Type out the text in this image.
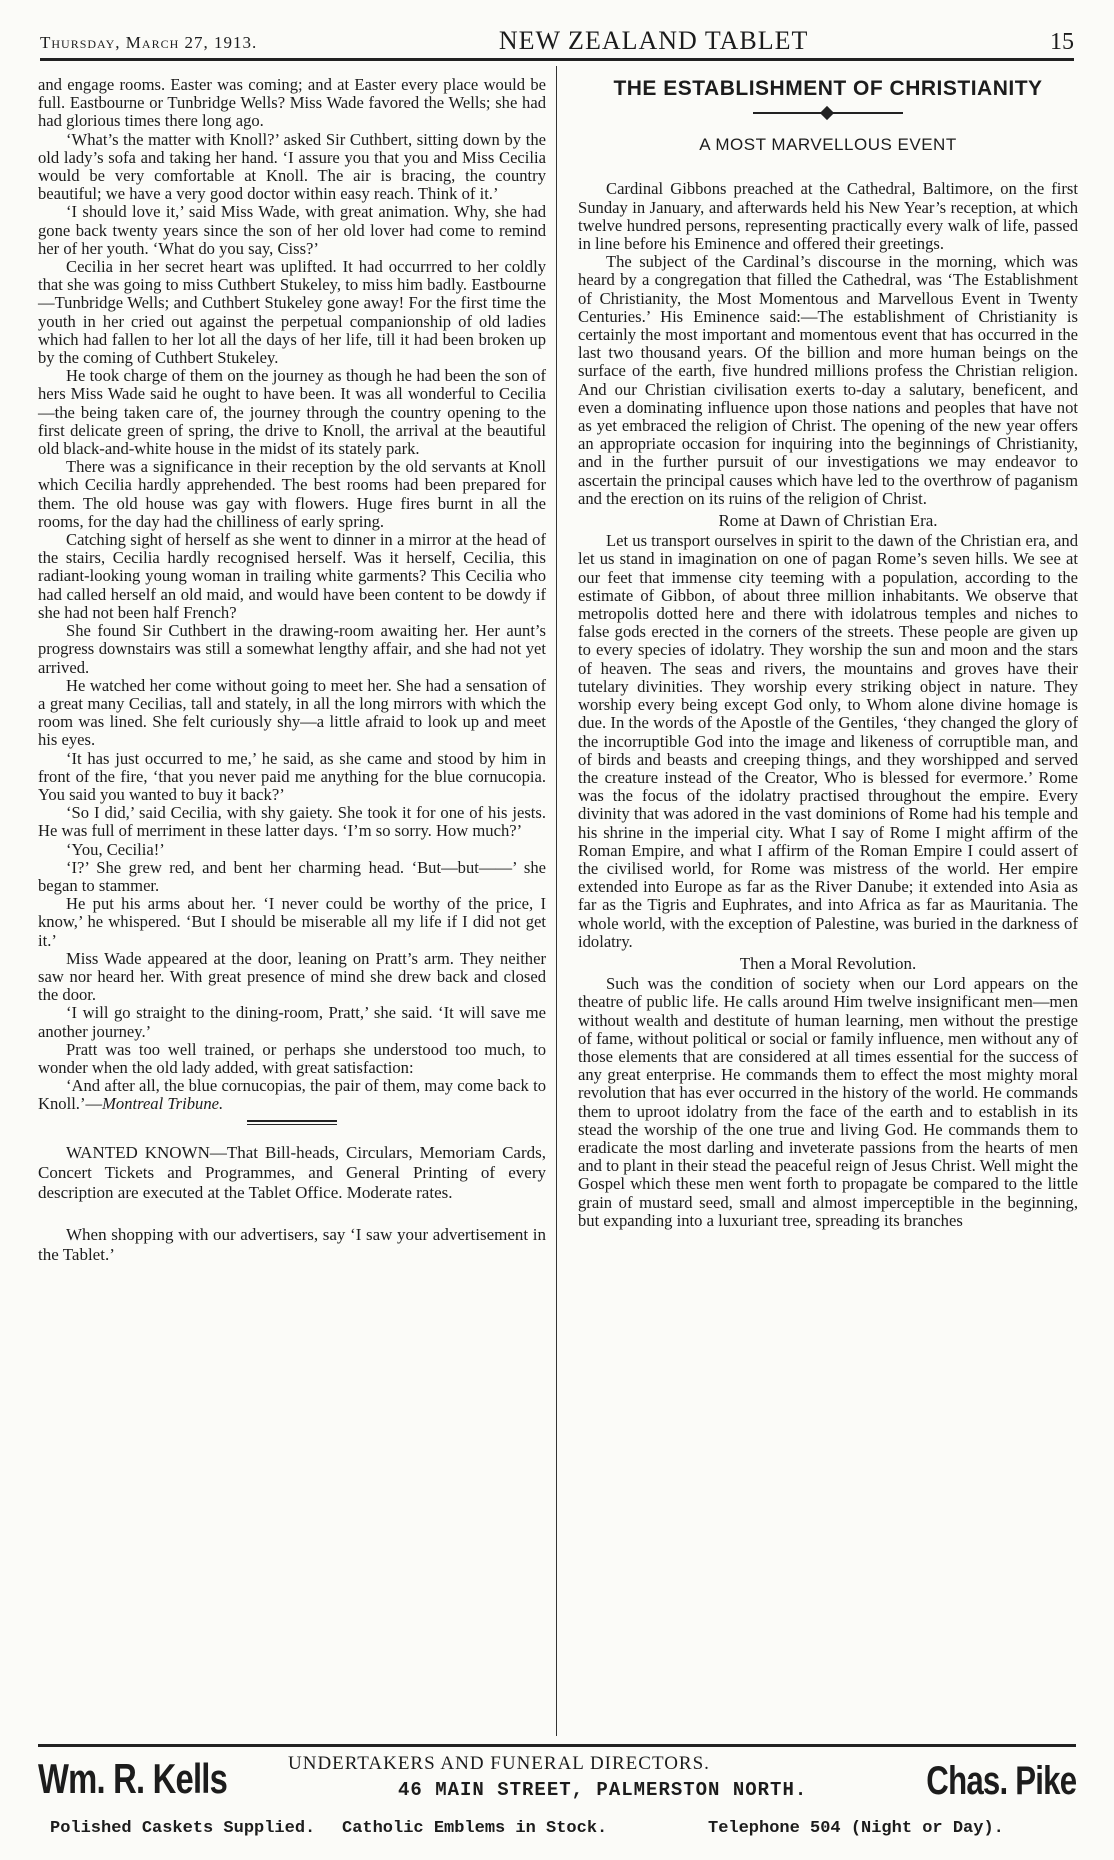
Thursday, March 27, 1913.	NEW ZEALAND TABLET	15

and engage rooms. Easter was coming; and at Easter every place would be full. Eastbourne or Tunbridge Wells? Miss Wade favored the Wells; she had had glorious times there long ago.

‘What’s the matter with Knoll?’ asked Sir Cuthbert, sitting down by the old lady’s sofa and taking her hand. ‘I assure you that you and Miss Cecilia would be very comfortable at Knoll. The air is bracing, the country beautiful; we have a very good doctor within easy reach. Think of it.’

‘I should love it,’ said Miss Wade, with great animation. Why, she had gone back twenty years since the son of her old lover had come to remind her of her youth. ‘What do you say, Ciss?’

Cecilia in her secret heart was uplifted. It had occurrred to her coldly that she was going to miss Cuthbert Stukeley, to miss him badly. Eastbourne—Tunbridge Wells; and Cuthbert Stukeley gone away! For the first time the youth in her cried out against the perpetual companionship of old ladies which had fallen to her lot all the days of her life, till it had been broken up by the coming of Cuthbert Stukeley.

He took charge of them on the journey as though he had been the son of hers Miss Wade said he ought to have been. It was all wonderful to Cecilia—the being taken care of, the journey through the country opening to the first delicate green of spring, the drive to Knoll, the arrival at the beautiful old black-and-white house in the midst of its stately park.

There was a significance in their reception by the old servants at Knoll which Cecilia hardly apprehended. The best rooms had been prepared for them. The old house was gay with flowers. Huge fires burnt in all the rooms, for the day had the chilliness of early spring.

Catching sight of herself as she went to dinner in a mirror at the head of the stairs, Cecilia hardly recognised herself. Was it herself, Cecilia, this radiant-looking young woman in trailing white garments? This Cecilia who had called herself an old maid, and would have been content to be dowdy if she had not been half French?

She found Sir Cuthbert in the drawing-room awaiting her. Her aunt’s progress downstairs was still a somewhat lengthy affair, and she had not yet arrived.

He watched her come without going to meet her. She had a sensation of a great many Cecilias, tall and stately, in all the long mirrors with which the room was lined. She felt curiously shy—a little afraid to look up and meet his eyes.

‘It has just occurred to me,’ he said, as she came and stood by him in front of the fire, ‘that you never paid me anything for the blue cornucopia. You said you wanted to buy it back?’

‘So I did,’ said Cecilia, with shy gaiety. She took it for one of his jests. He was full of merriment in these latter days. ‘I’m so sorry. How much?’

‘You, Cecilia!’

‘I?’ She grew red, and bent her charming head. ‘But—but——’ she began to stammer.

He put his arms about her. ‘I never could be worthy of the price, I know,’ he whispered. ‘But I should be miserable all my life if I did not get it.’

Miss Wade appeared at the door, leaning on Pratt’s arm. They neither saw nor heard her. With great presence of mind she drew back and closed the door.

‘I will go straight to the dining-room, Pratt,’ she said. ‘It will save me another journey.’

Pratt was too well trained, or perhaps she understood too much, to wonder when the old lady added, with great satisfaction:

‘And after all, the blue cornucopias, the pair of them, may come back to Knoll.’—Montreal Tribune.

WANTED KNOWN—That Bill-heads, Circulars, Memoriam Cards, Concert Tickets and Programmes, and General Printing of every description are executed at the Tablet Office. Moderate rates.

When shopping with our advertisers, say ‘I saw your advertisement in the Tablet.’

THE ESTABLISHMENT OF CHRISTIANITY
A MOST MARVELLOUS EVENT

Cardinal Gibbons preached at the Cathedral, Baltimore, on the first Sunday in January, and afterwards held his New Year’s reception, at which twelve hundred persons, representing practically every walk of life, passed in line before his Eminence and offered their greetings.

The subject of the Cardinal’s discourse in the morning, which was heard by a congregation that filled the Cathedral, was ‘The Establishment of Christianity, the Most Momentous and Marvellous Event in Twenty Centuries.’ His Eminence said:—The establishment of Christianity is certainly the most important and momentous event that has occurred in the last two thousand years. Of the billion and more human beings on the surface of the earth, five hundred millions profess the Christian religion. And our Christian civilisation exerts to-day a salutary, beneficent, and even a dominating influence upon those nations and peoples that have not as yet embraced the religion of Christ. The opening of the new year offers an appropriate occasion for inquiring into the beginnings of Christianity, and in the further pursuit of our investigations we may endeavor to ascertain the principal causes which have led to the overthrow of paganism and the erection on its ruins of the religion of Christ.

Rome at Dawn of Christian Era.

Let us transport ourselves in spirit to the dawn of the Christian era, and let us stand in imagination on one of pagan Rome’s seven hills. We see at our feet that immense city teeming with a population, according to the estimate of Gibbon, of about three million inhabitants. We observe that metropolis dotted here and there with idolatrous temples and niches to false gods erected in the corners of the streets. These people are given up to every species of idolatry. They worship the sun and moon and the stars of heaven. The seas and rivers, the mountains and groves have their tutelary divinities. They worship every striking object in nature. They worship every being except God only, to Whom alone divine homage is due. In the words of the Apostle of the Gentiles, ‘they changed the glory of the incorruptible God into the image and likeness of corruptible man, and of birds and beasts and creeping things, and they worshipped and served the creature instead of the Creator, Who is blessed for evermore.’ Rome was the focus of the idolatry practised throughout the empire. Every divinity that was adored in the vast dominions of Rome had his temple and his shrine in the imperial city. What I say of Rome I might affirm of the Roman Empire, and what I affirm of the Roman Empire I could assert of the civilised world, for Rome was mistress of the world. Her empire extended into Europe as far as the River Danube; it extended into Asia as far as the Tigris and Euphrates, and into Africa as far as Mauritania. The whole world, with the exception of Palestine, was buried in the darkness of idolatry.

Then a Moral Revolution.

Such was the condition of society when our Lord appears on the theatre of public life. He calls around Him twelve insignificant men—men without wealth and destitute of human learning, men without the prestige of fame, without political or social or family influence, men without any of those elements that are considered at all times essential for the success of any great enterprise. He commands them to effect the most mighty moral revolution that has ever occurred in the history of the world. He commands them to uproot idolatry from the face of the earth and to establish in its stead the worship of the one true and living God. He commands them to eradicate the most darling and inveterate passions from the hearts of men and to plant in their stead the peaceful reign of Jesus Christ. Well might the Gospel which these men went forth to propagate be compared to the little grain of mustard seed, small and almost imperceptible in the beginning, but expanding into a luxuriant tree, spreading its branches

Wm. R. Kells	UNDERTAKERS AND FUNERAL DIRECTORS.
46 MAIN STREET, PALMERSTON NORTH.	Chas. Pike
Polished Caskets Supplied. Catholic Emblems in Stock.	Telephone 504 (Night or Day).
